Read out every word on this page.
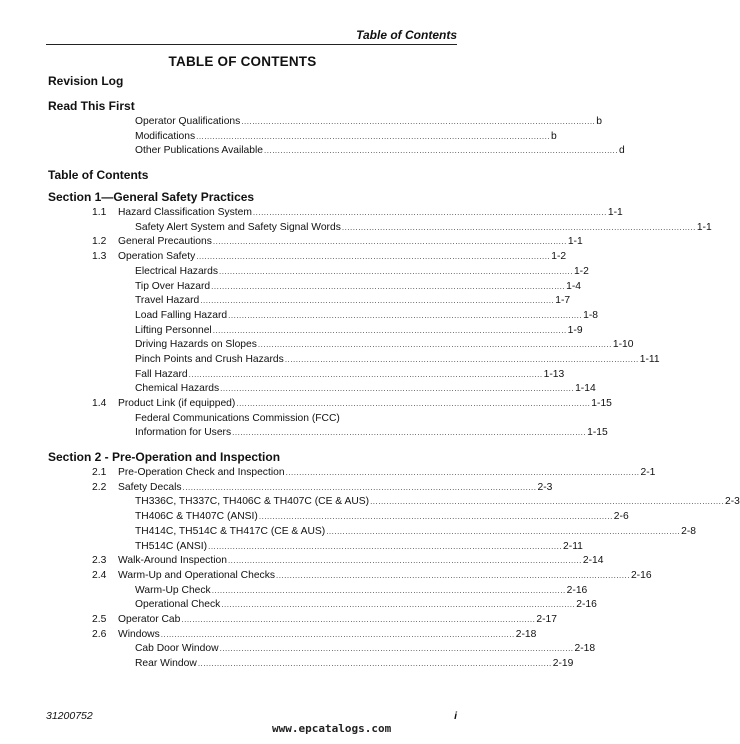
Table of Contents
TABLE OF CONTENTS
Revision Log
Read This First
Operator Qualifications .................................................................................................................................. b
Modifications .................................................................................................................................. b
Other Publications Available .................................................................................................................................. d
Table of Contents
Section 1—General Safety Practices
1.1 Hazard Classification System .................................................................................................................................. 1-1
Safety Alert System and Safety Signal Words .................................................................................................................................. 1-1
1.2 General Precautions .................................................................................................................................. 1-1
1.3 Operation Safety .................................................................................................................................. 1-2
Electrical Hazards .................................................................................................................................. 1-2
Tip Over Hazard .................................................................................................................................. 1-4
Travel Hazard .................................................................................................................................. 1-7
Load Falling Hazard .................................................................................................................................. 1-8
Lifting Personnel .................................................................................................................................. 1-9
Driving Hazards on Slopes .................................................................................................................................. 1-10
Pinch Points and Crush Hazards .................................................................................................................................. 1-11
Fall Hazard .................................................................................................................................. 1-13
Chemical Hazards .................................................................................................................................. 1-14
1.4 Product Link (if equipped) .................................................................................................................................. 1-15
Federal Communications Commission (FCC)
Information for Users .................................................................................................................................. 1-15
Section 2 - Pre-Operation and Inspection
2.1 Pre-Operation Check and Inspection .................................................................................................................................. 2-1
2.2 Safety Decals .................................................................................................................................. 2-3
TH336C, TH337C, TH406C & TH407C (CE & AUS) .................................................................................................................................. 2-3
TH406C & TH407C (ANSI) .................................................................................................................................. 2-6
TH414C, TH514C & TH417C (CE & AUS) .................................................................................................................................. 2-8
TH514C (ANSI) .................................................................................................................................. 2-11
2.3 Walk-Around Inspection .................................................................................................................................. 2-14
2.4 Warm-Up and Operational Checks .................................................................................................................................. 2-16
Warm-Up Check .................................................................................................................................. 2-16
Operational Check .................................................................................................................................. 2-16
2.5 Operator Cab .................................................................................................................................. 2-17
2.6 Windows .................................................................................................................................. 2-18
Cab Door Window .................................................................................................................................. 2-18
Rear Window .................................................................................................................................. 2-19
31200752
www.epcatalogs.com
i
